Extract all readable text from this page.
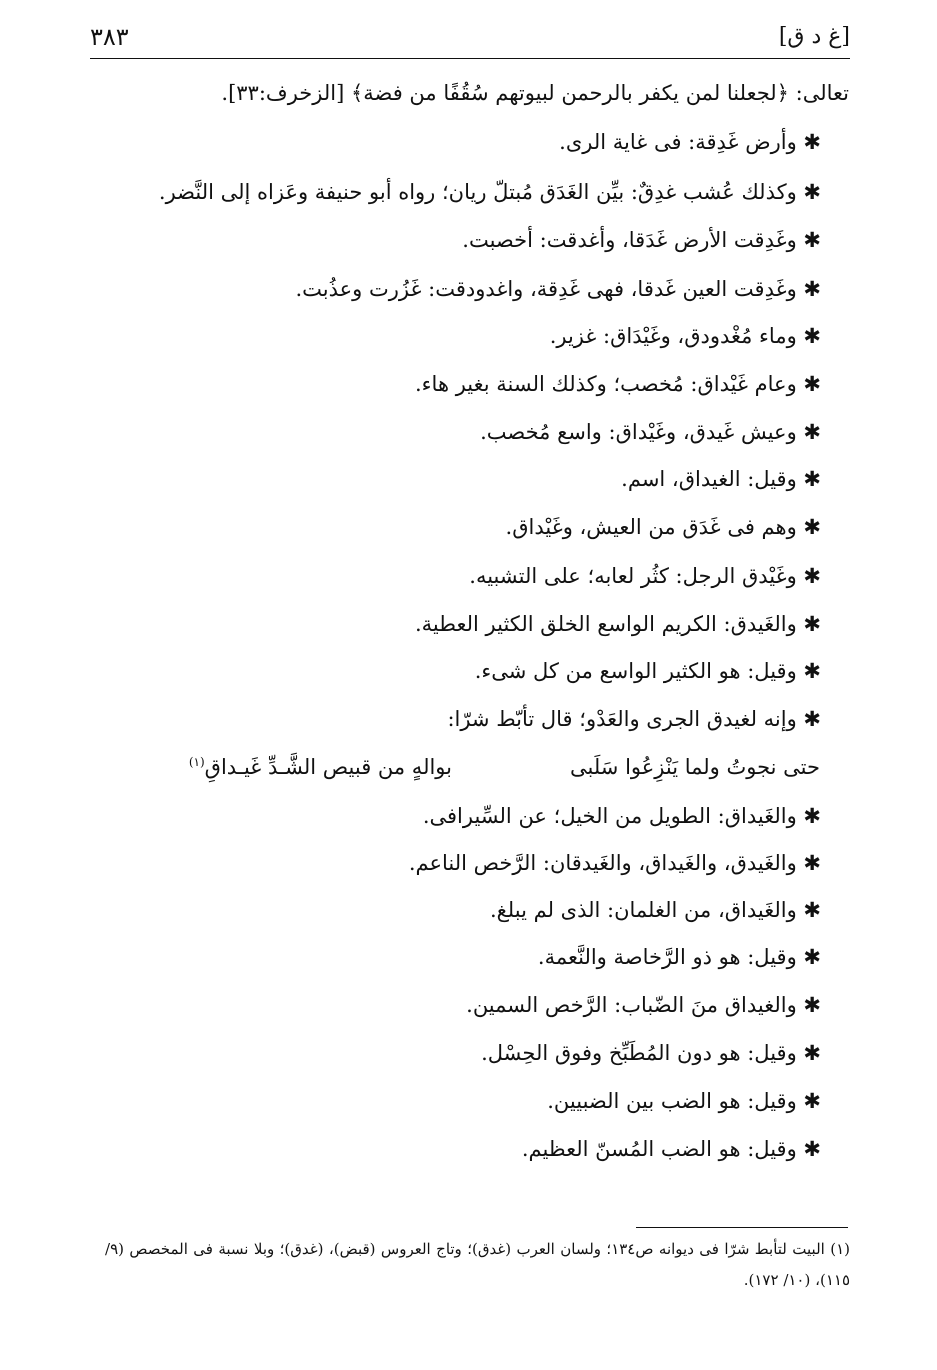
٣٨٣	[غ د ق]
تعالى: ﴿لجعلنا لمن يكفر بالرحمن لبيوتهم سُقُفًا من فضة﴾ [الزخرف:٣٣].
✱ وأرض غَدِقة: فى غاية الرى.
✱ وكذلك عُشب غدِقٌ: بيِّن الغَدَق مُبتلّ ريان؛ رواه أبو حنيفة وعَزاه إلى النَّضر.
✱ وغَدِقت الأرض غَدَقا، وأغدقت: أخصبت.
✱ وغَدِقت العين غَدقا، فهى غَدِقة، واغدودقت: غَزُرت وعذُبت.
✱ وماء مُغْدودق، وغَيْدَاق: غزير.
✱ وعام غَيْداق: مُخصب؛ وكذلك السنة بغير هاء.
✱ وعيش غَيدق، وغَيْداق: واسع مُخصب.
✱ وقيل: الغيداق، اسم.
✱ وهم فى غَدَق من العيش، وغَيْداق.
✱ وغَيْدق الرجل: كثُر لعابه؛ على التشبيه.
✱ والغَيدق: الكريم الواسع الخلق الكثير العطية.
✱ وقيل: هو الكثير الواسع من كل شىء.
✱ وإنه لغيدق الجرى والعَدْو؛ قال تأبّط شرّا:
حتى نجوتُ ولما يَنْزِعُوا سَلَبى
بوالهٍ من قبيص الشَّـدِّ غَيـداقِ$^{(١)}$
✱ والغَيداق: الطويل من الخيل؛ عن السِّيرافى.
✱ والغَيدق، والغَيداق، والغَيدقان: الرَّخص الناعم.
✱ والغَيداق، من الغلمان: الذى لم يبلغ.
✱ وقيل: هو ذو الرَّخاصة والنَّعمة.
✱ والغيداق منَ الضّباب: الرَّخص السمين.
✱ وقيل: هو دون المُطَبِّخ وفوق الحِسْل.
✱ وقيل: هو الضب بين الضبيين.
✱ وقيل: هو الضب المُسنّ العظيم.
(١) البيت لتأبط شرّا فى ديوانه ص١٣٤؛ ولسان العرب (غدق)؛ وتاج العروس (قبض)، (غدق)؛ وبلا نسبة فى المخصص (٩/ ١١٥)، (١٠/ ١٧٢).
